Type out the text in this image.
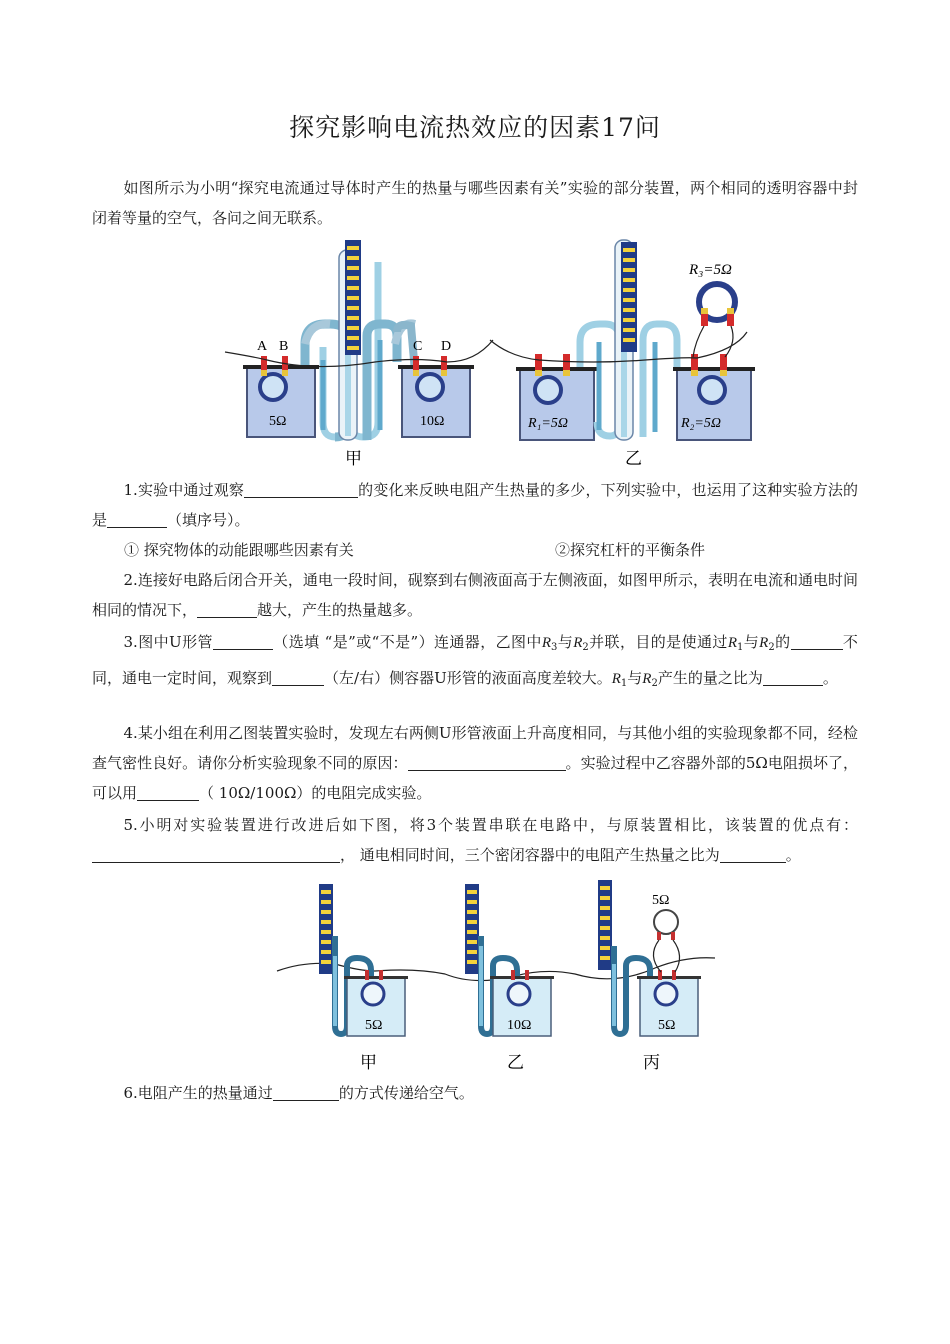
探究影响电流热效应的因素17问
如图所示为小明“探究电流通过导体时产生的热量与哪些因素有关”实验的部分装置，两个相同的透明容器中封闭着等量的空气，各问之间无联系。
5Ω	10Ω
A B	C D
甲
R₁=5Ω	R₂=5Ω
R₃=5Ω
乙
1.实验中通过观察	的变化来反映电阻产生热量的多少，下列实验中，也运用了这种实验方法的是	（填序号）。
① 探究物体的动能跟哪些因素有关	②探究杠杆的平衡条件
2.连接好电路后闭合开关，通电一段时间，砚察到右侧液面高于左侧液面，如图甲所示，表明在电流和通电时间相同的情况下，	越大，产生的热量越多。
3.图中U形管	（选填 “是”或“不是”）连通器，乙图中$R_3$与$R_2$并联，目的是使通过$R_1$与$R_2$的	不同，通电一定时间，观察到	（左/右）侧容器U形管的液面高度差较大。$R_1$与$R_2$产生的量之比为	。
4.某小组在利用乙图装置实验时，发现左右两侧U形管液面上升高度相同，与其他小组的实验现象都不同，经检查气密性良好。请你分析实验现象不同的原因：	。实验过程中乙容器外部的5Ω电阻损坏了，可以用	（ 10Ω/100Ω）的电阻完成实验。
5.小明对实验装置进行改进后如下图，将3个装置串联在电路中，与原装置相比，该装置的优点有：， 通电相同时间，三个密闭容器中的电阻产生热量之比为	。
5Ω
甲
10Ω
乙
5Ω
5Ω
丙
6.电阻产生的热量通过	的方式传递给空气。
